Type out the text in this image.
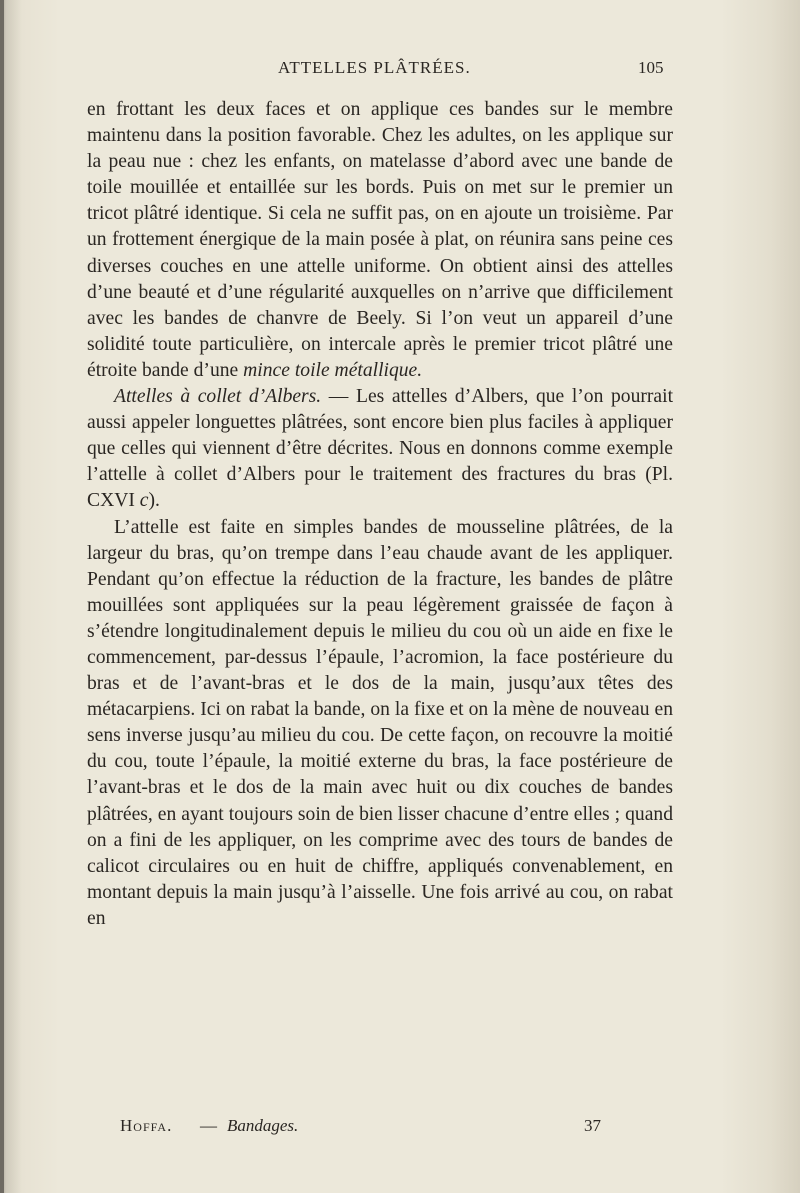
ATTELLES PLÂTRÉES.	105

en frottant les deux faces et on applique ces bandes sur le membre maintenu dans la position favorable. Chez les adultes, on les applique sur la peau nue : chez les enfants, on matelasse d’abord avec une bande de toile mouillée et entaillée sur les bords. Puis on met sur le premier un tricot plâtré identique. Si cela ne suffit pas, on en ajoute un troisième. Par un frottement énergique de la main posée à plat, on réunira sans peine ces diverses couches en une attelle uniforme. On obtient ainsi des attelles d’une beauté et d’une régularité auxquelles on n’arrive que difficilement avec les bandes de chanvre de Beely. Si l’on veut un appareil d’une solidité toute particulière, on intercale après le premier tricot plâtré une étroite bande d’une mince toile métallique.

Attelles à collet d’Albers. — Les attelles d’Albers, que l’on pourrait aussi appeler longuettes plâtrées, sont encore bien plus faciles à appliquer que celles qui viennent d’être décrites. Nous en donnons comme exemple l’attelle à collet d’Albers pour le traitement des fractures du bras (Pl. CXVI c).

L’attelle est faite en simples bandes de mousseline plâtrées, de la largeur du bras, qu’on trempe dans l’eau chaude avant de les appliquer. Pendant qu’on effectue la réduction de la fracture, les bandes de plâtre mouillées sont appliquées sur la peau légèrement graissée de façon à s’étendre longitudinalement depuis le milieu du cou où un aide en fixe le commencement, par-dessus l’épaule, l’acromion, la face postérieure du bras et de l’avant-bras et le dos de la main, jusqu’aux têtes des métacarpiens. Ici on rabat la bande, on la fixe et on la mène de nouveau en sens inverse jusqu’au milieu du cou. De cette façon, on recouvre la moitié du cou, toute l’épaule, la moitié externe du bras, la face postérieure de l’avant-bras et le dos de la main avec huit ou dix couches de bandes plâtrées, en ayant toujours soin de bien lisser chacune d’entre elles ; quand on a fini de les appliquer, on les comprime avec des tours de bandes de calicot circulaires ou en huit de chiffre, appliqués convenablement, en montant depuis la main jusqu’à l’aisselle. Une fois arrivé au cou, on rabat en

Hoffa. — Bandages.	37
